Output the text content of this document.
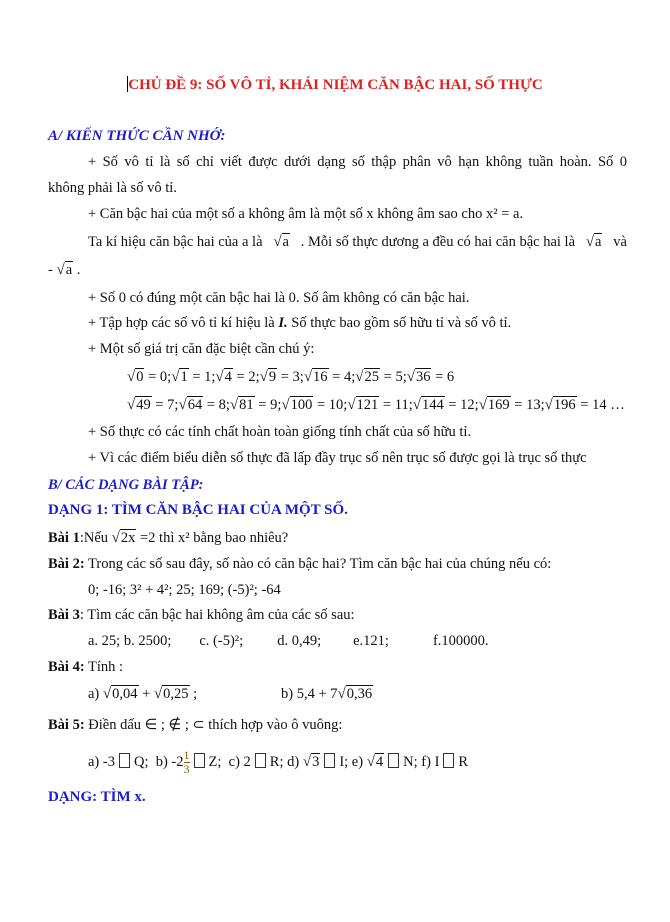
CHỦ ĐỀ 9: SỐ VÔ TỈ, KHÁI NIỆM CĂN BẬC HAI, SỐ THỰC
A/ KIẾN THỨC CẦN NHỚ:
+ Số vô tỉ là số chỉ viết được dưới dạng số thập phân vô hạn không tuần hoàn. Số 0
không phải là số vô tỉ.
+ Căn bậc hai của một số a không âm là một số x không âm sao cho x² = a.
Ta kí hiệu căn bậc hai của a là √a . Mỗi số thực dương a đều có hai căn bậc hai là √a và
- √a .
+ Số 0 có đúng một căn bậc hai là 0. Số âm không có căn bậc hai.
+ Tập hợp các số vô tỉ kí hiệu là I. Số thực bao gồm số hữu tỉ và số vô tỉ.
+ Một số giá trị căn đặc biệt cần chú ý:
√0 = 0;√1 = 1;√4 = 2;√9 = 3;√16 = 4;√25 = 5;√36 = 6
√49 = 7;√64 = 8;√81 = 9;√100 = 10;√121 = 11;√144 = 12;√169 = 13;√196 = 14 …
+ Số thực có các tính chất hoàn toàn giống tính chất của số hữu tỉ.
+ Vì các điểm biểu diễn số thực đã lấp đầy trục số nên trục số được gọi là trục số thực
B/ CÁC DẠNG BÀI TẬP:
DẠNG 1: TÌM CĂN BẬC HAI CỦA MỘT SỐ.
Bài 1:Nếu √2x =2 thì x² bằng bao nhiêu?
Bài 2: Trong các số sau đây, số nào có căn bậc hai? Tìm căn bậc hai của chúng nếu có:
0; -16; 3² + 4²; 25; 169; (-5)²; -64
Bài 3: Tìm các căn bậc hai không âm của các số sau:
a. 25; b. 2500; c. (-5)²; d. 0,49; e.121;	f.100000.
Bài 4: Tính :
a) √0,04 + √0,25 ;	b) 5,4 + 7√0,36
Bài 5: Điền dấu ∈ ; ∉ ; ⊂ thích hợp vào ô vuông:
a) -3 Q; b) $-2 \frac{1}{3} Z$; c) 2 R; d) √3 I; e) √4 N; f) I R
DẠNG: TÌM x.
